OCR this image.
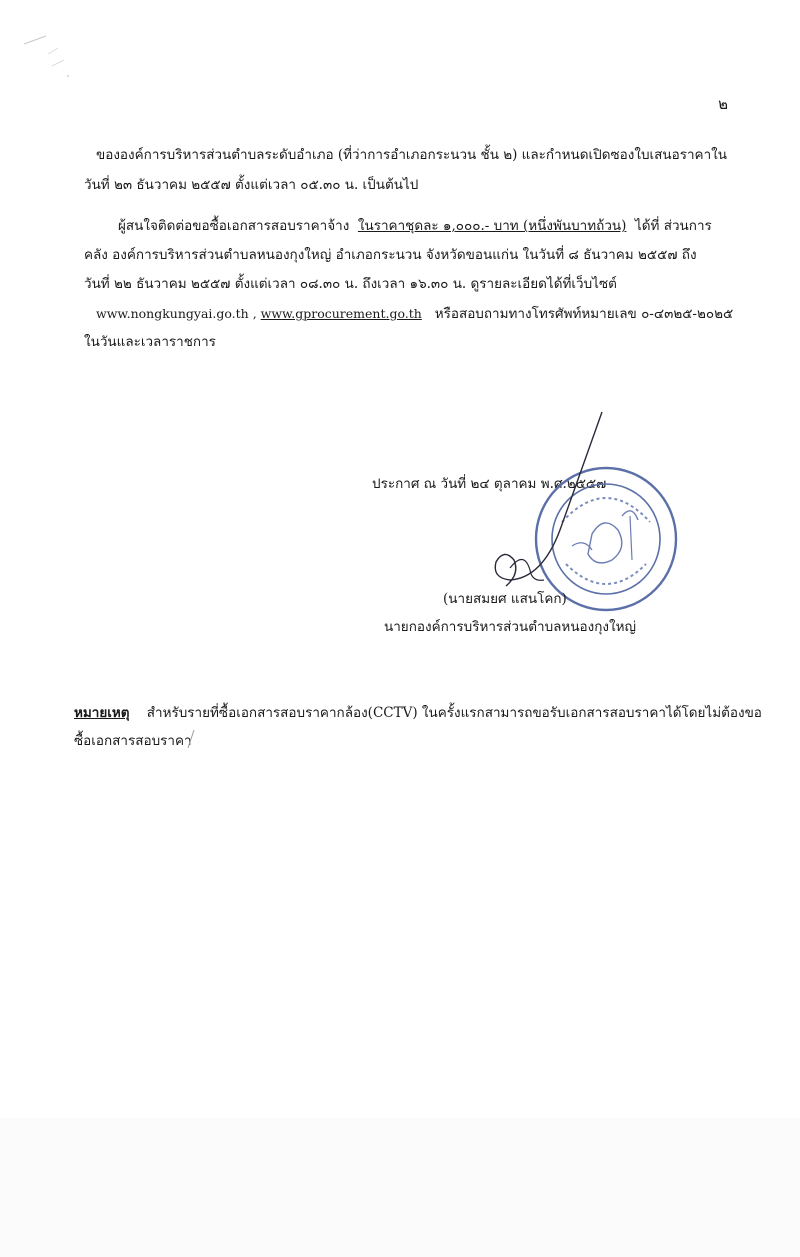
๒
ขององค์การบริหารส่วนตำบลระดับอำเภอ (ที่ว่าการอำเภอกระนวน ชั้น ๒) และกำหนดเปิดซองใบเสนอราคาใน
วันที่ ๒๓ ธันวาคม ๒๕๕๗ ตั้งแต่เวลา ๐๕.๓๐ น. เป็นต้นไป
ผู้สนใจติดต่อขอซื้อเอกสารสอบราคาจ้าง ในราคาชุดละ ๑,๐๐๐.- บาท (หนึ่งพันบาทถ้วน) ได้ที่ ส่วนการ
คลัง องค์การบริหารส่วนตำบลหนองกุงใหญ่ อำเภอกระนวน จังหวัดขอนแก่น ในวันที่ ๘ ธันวาคม ๒๕๕๗ ถึง
วันที่ ๒๒ ธันวาคม ๒๕๕๗ ตั้งแต่เวลา ๐๘.๓๐ น. ถึงเวลา ๑๖.๓๐ น. ดูรายละเอียดได้ที่เว็บไซต์
www.nongkungyai.go.th , www.gprocurement.go.th หรือสอบถามทางโทรศัพท์หมายเลข ๐-๔๓๒๕-๒๐๒๕
ในวันและเวลาราชการ
ประกาศ ณ วันที่ ๒๔ ตุลาคม พ.ศ.๒๕๕๗
(นายสมยศ แสนโคก)
นายกองค์การบริหารส่วนตำบลหนองกุงใหญ่
หมายเหตุ สำหรับรายที่ซื้อเอกสารสอบราคากล้อง(CCTV) ในครั้งแรกสามารถขอรับเอกสารสอบราคาได้โดยไม่ต้องขอ
ซื้อเอกสารสอบราคา
